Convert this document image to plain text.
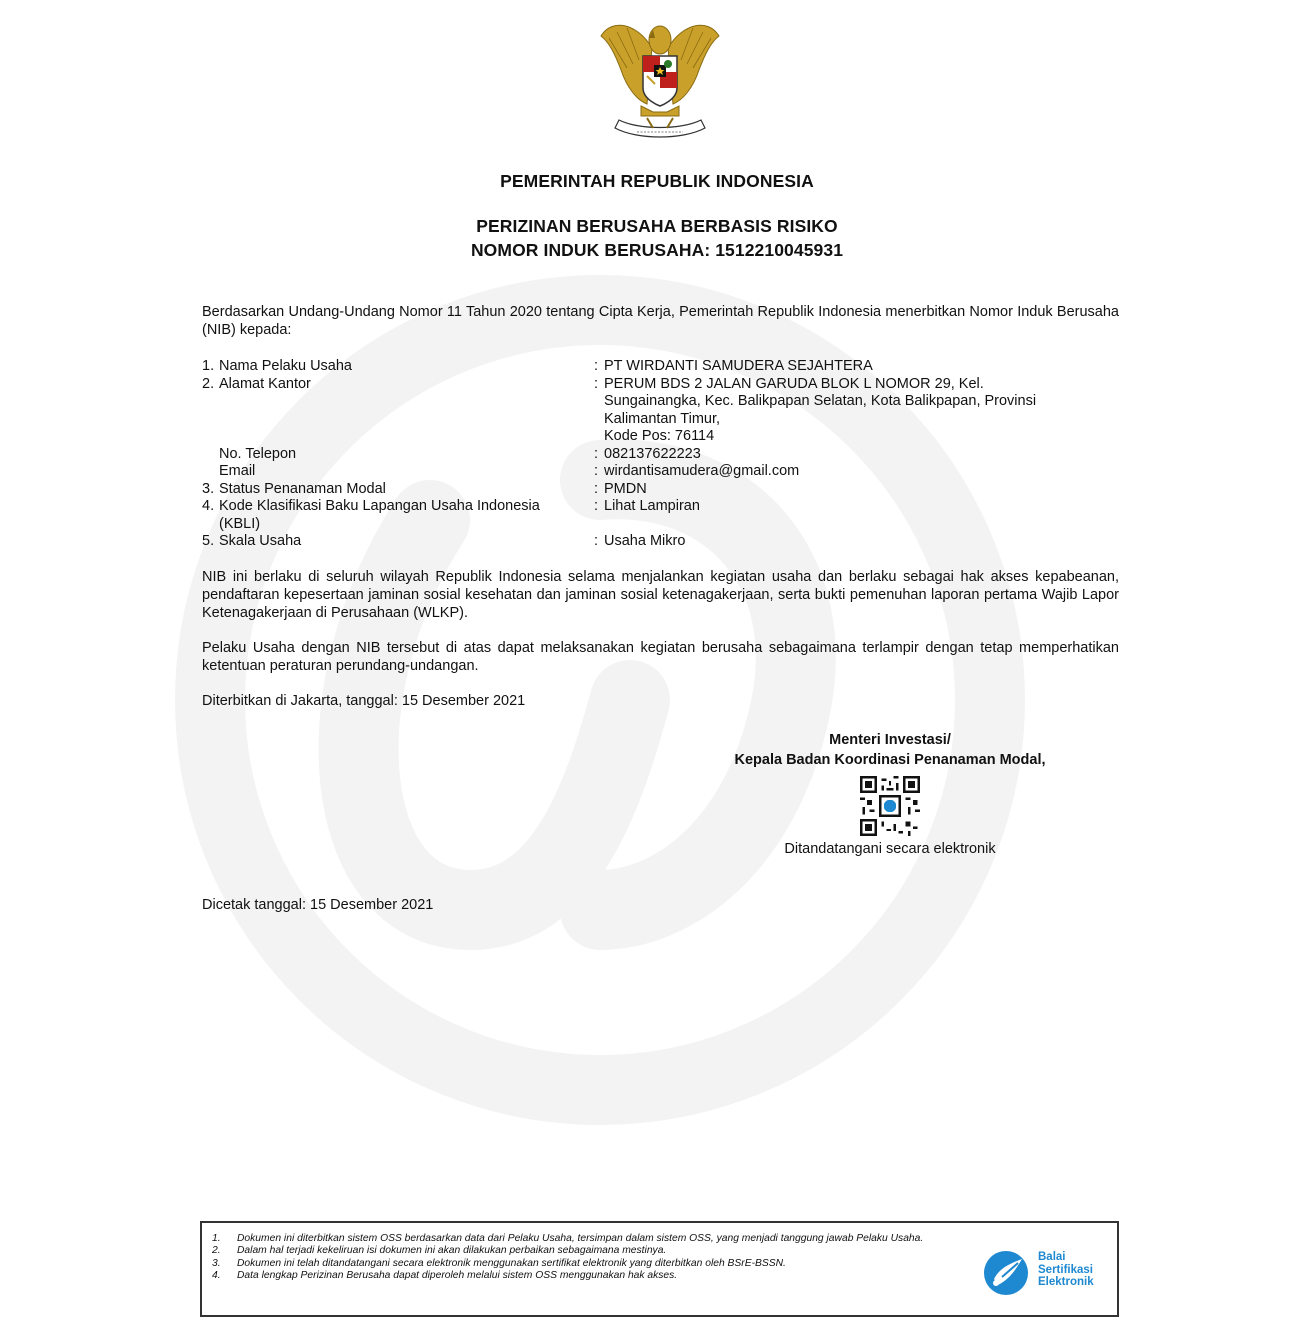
PEMERINTAH REPUBLIK INDONESIA
PERIZINAN BERUSAHA BERBASIS RISIKO
NOMOR INDUK BERUSAHA: 1512210045931
Berdasarkan Undang-Undang Nomor 11 Tahun 2020 tentang Cipta Kerja, Pemerintah Republik Indonesia menerbitkan Nomor Induk Berusaha (NIB) kepada:
1. Nama Pelaku Usaha	: PT WIRDANTI SAMUDERA SEJAHTERA
2. Alamat Kantor	: PERUM BDS 2 JALAN GARUDA BLOK L NOMOR 29, Kel.
Sungainangka, Kec. Balikpapan Selatan, Kota Balikpapan, Provinsi
Kalimantan Timur,
Kode Pos: 76114
No. Telepon	: 082137622223
Email	: wirdantisamudera@gmail.com
3. Status Penanaman Modal	: PMDN
4. Kode Klasifikasi Baku Lapangan Usaha Indonesia (KBLI)
: Lihat Lampiran
5. Skala Usaha	: Usaha Mikro
NIB ini berlaku di seluruh wilayah Republik Indonesia selama menjalankan kegiatan usaha dan berlaku sebagai hak akses kepabeanan, pendaftaran kepesertaan jaminan sosial kesehatan dan jaminan sosial ketenagakerjaan, serta bukti pemenuhan laporan pertama Wajib Lapor Ketenagakerjaan di Perusahaan (WLKP).
Pelaku Usaha dengan NIB tersebut di atas dapat melaksanakan kegiatan berusaha sebagaimana terlampir dengan tetap memperhatikan ketentuan peraturan perundang-undangan.
Diterbitkan di Jakarta, tanggal: 15 Desember 2021
Menteri Investasi/
Kepala Badan Koordinasi Penanaman Modal,
Ditandatangani secara elektronik
Dicetak tanggal: 15 Desember 2021
1.	Dokumen ini diterbitkan sistem OSS berdasarkan data dari Pelaku Usaha, tersimpan dalam sistem OSS, yang menjadi tanggung jawab Pelaku Usaha.
2.	Dalam hal terjadi kekeliruan isi dokumen ini akan dilakukan perbaikan sebagaimana mestinya.
3.	Dokumen ini telah ditandatangani secara elektronik menggunakan sertifikat elektronik yang diterbitkan oleh BSrE-BSSN.
4.	Data lengkap Perizinan Berusaha dapat diperoleh melalui sistem OSS menggunakan hak akses.
Balai
Sertifikasi
Elektronik
